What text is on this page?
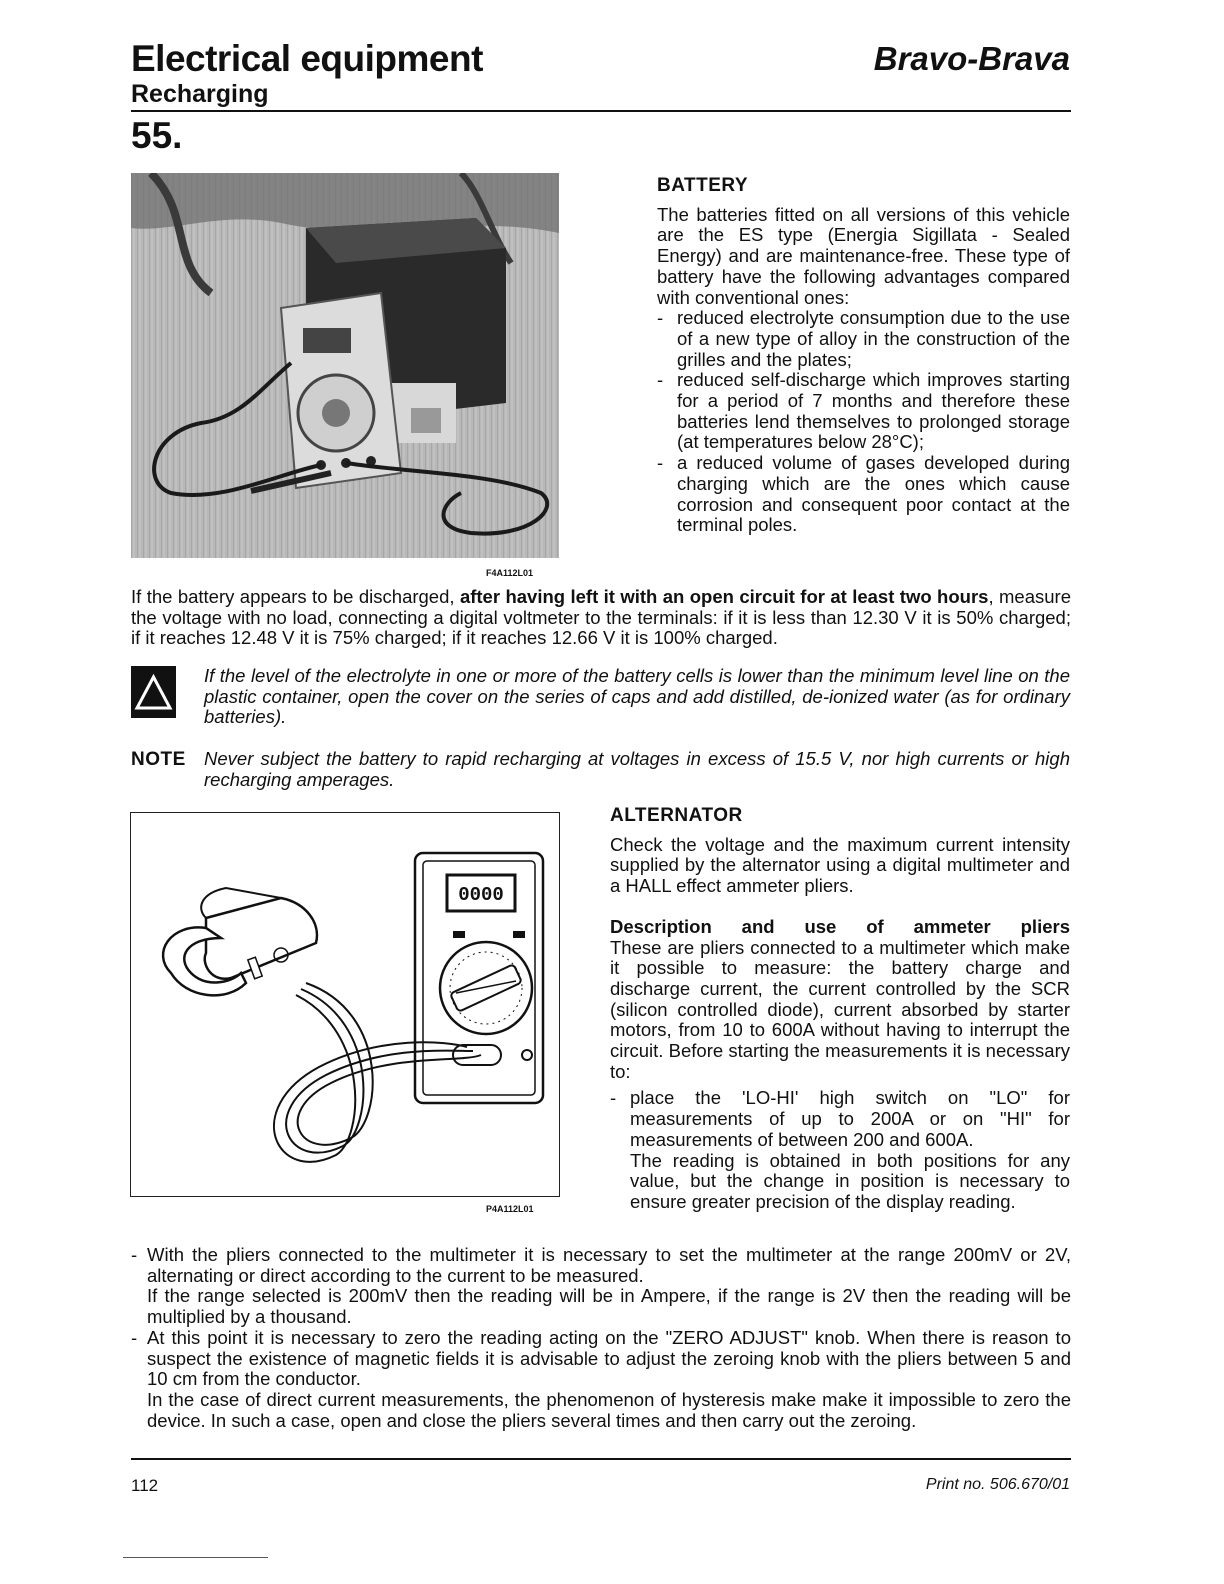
Electrical equipment	Bravo-Brava
Recharging
55.
F4A112L01
BATTERY
The batteries fitted on all versions of this vehicle are the ES type (Energia Sigillata - Sealed Energy) and are maintenance-free. These type of battery have the following advantages compared with conventional ones:
- reduced electrolyte consumption due to the use of a new type of alloy in the construction of the grilles and the plates;
- reduced self-discharge which improves starting for a period of 7 months and therefore these batteries lend themselves to prolonged storage (at temperatures below 28°C);
- a reduced volume of gases developed during charging which are the ones which cause corrosion and consequent poor contact at the terminal poles.
If the battery appears to be discharged, after having left it with an open circuit for at least two hours, measure the voltage with no load, connecting a digital voltmeter to the terminals: if it is less than 12.30 V it is 50% charged; if it reaches 12.48 V it is 75% charged; if it reaches 12.66 V it is 100% charged.
If the level of the electrolyte in one or more of the battery cells is lower than the minimum level line on the plastic container, open the cover on the series of caps and add distilled, de-ionized water (as for ordinary batteries).
NOTE Never subject the battery to rapid recharging at voltages in excess of 15.5 V, nor high currents or high recharging amperages.
0000
P4A112L01
ALTERNATOR
Check the voltage and the maximum current intensity supplied by the alternator using a digital multimeter and a HALL effect ammeter pliers.
Description and use of ammeter pliers
These are pliers connected to a multimeter which make it possible to measure: the battery charge and discharge current, the current controlled by the SCR (silicon controlled diode), current absorbed by starter motors, from 10 to 600A without having to interrupt the circuit. Before starting the measurements it is necessary to:
- place the 'LO-HI' high switch on "LO" for measurements of up to 200A or on "HI" for measurements of between 200 and 600A.
The reading is obtained in both positions for any value, but the change in position is necessary to ensure greater precision of the display reading.
- With the pliers connected to the multimeter it is necessary to set the multimeter at the range 200mV or 2V, alternating or direct according to the current to be measured.
If the range selected is 200mV then the reading will be in Ampere, if the range is 2V then the reading will be multiplied by a thousand.
- At this point it is necessary to zero the reading acting on the "ZERO ADJUST" knob. When there is reason to suspect the existence of magnetic fields it is advisable to adjust the zeroing knob with the pliers between 5 and 10 cm from the conductor.
In the case of direct current measurements, the phenomenon of hysteresis make make it impossible to zero the device. In such a case, open and close the pliers several times and then carry out the zeroing.
112	Print no. 506.670/01
